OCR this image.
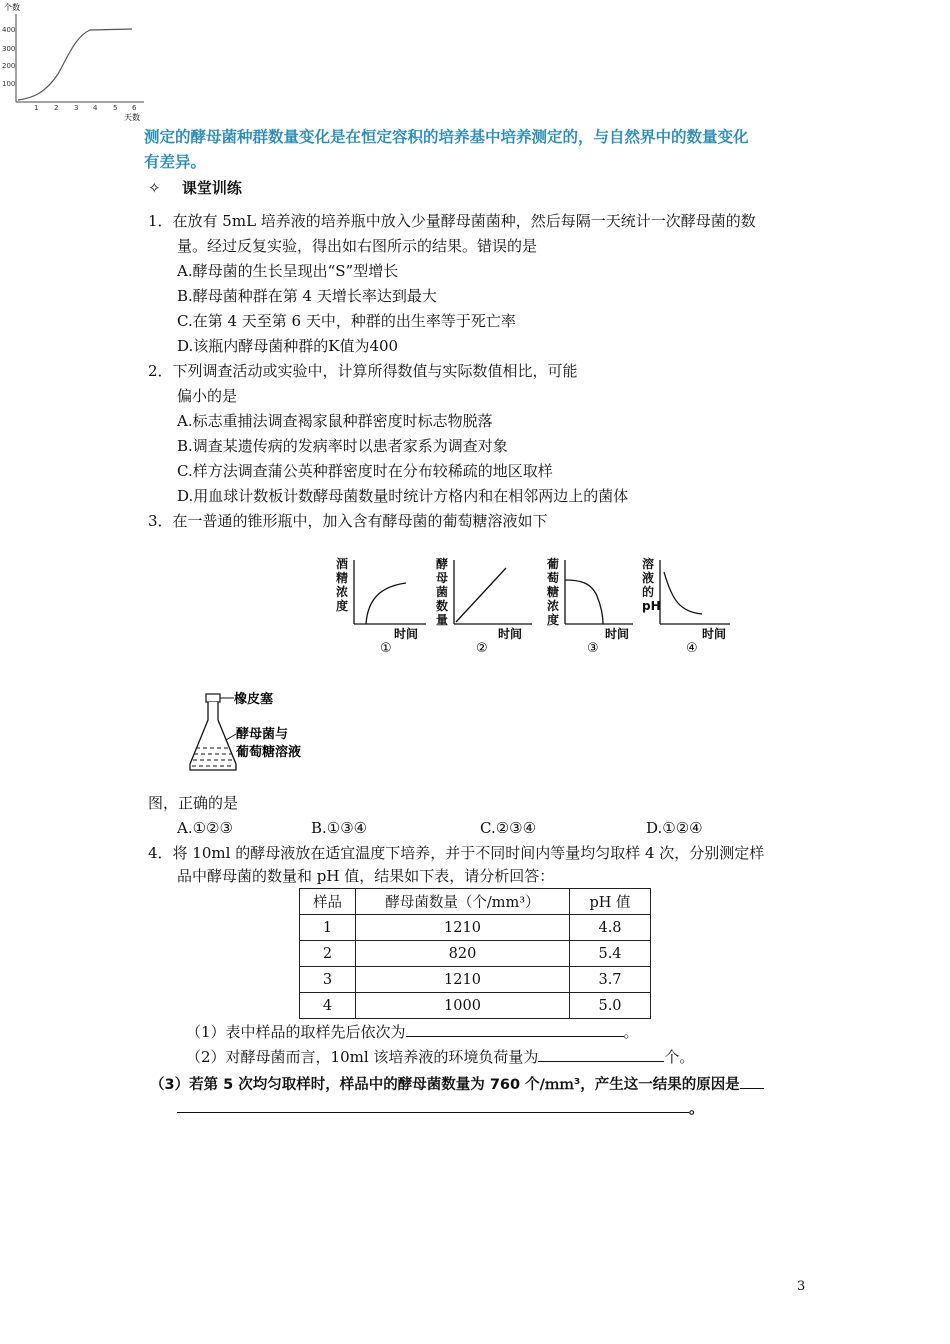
个数
400
300
200
100
1 2 3 4 5 6
天数
测定的酵母菌种群数量变化是在恒定容积的培养基中培养测定的，与自然界中的数量变化
有差异。
✧ 课堂训练
1．在放有 5mL 培养液的培养瓶中放入少量酵母菌菌种，然后每隔一天统计一次酵母菌的数
量。经过反复实验，得出如右图所示的结果。错误的是
A.酵母菌的生长呈现出“S”型增长
B.酵母菌种群在第 4 天增长率达到最大
C.在第 4 天至第 6 天中，种群的出生率等于死亡率
D.该瓶内酵母菌种群的K值为400
2．下列调查活动或实验中，计算所得数值与实际数值相比，可能
偏小的是
A.标志重捕法调查褐家鼠种群密度时标志物脱落
B.调查某遗传病的发病率时以患者家系为调查对象
C.样方法调查蒲公英种群密度时在分布较稀疏的地区取样
D.用血球计数板计数酵母菌数量时统计方格内和在相邻两边上的菌体
3．在一普通的锥形瓶中，加入含有酵母菌的葡萄糖溶液如下
酒
精
浓
度
时间
①
酵
母
菌
数
量
时间
②
葡
萄
糖
浓
度
时间
③
溶
液
的
pH
时间
④
橡皮塞
酵母菌与
葡萄糖溶液
图，正确的是
A.①②③	B.①③④	C.②③④	D.①②④
4．将 10ml 的酵母液放在适宜温度下培养，并于不同时间内等量均匀取样 4 次，分别测定样
品中酵母菌的数量和 pH 值，结果如下表，请分析回答：
样品	酵母菌数量（个/mm³）	pH 值
1	1210	4.8
2	820	5.4
3	1210	3.7
4	1000	5.0
（1）表中样品的取样先后依次为	。
（2）对酵母菌而言，10ml 该培养液的环境负荷量为	个。
（3）若第 5 次均匀取样时，样品中的酵母菌数量为 760 个/ｍｍ³，产生这一结果的原因是
。
3
